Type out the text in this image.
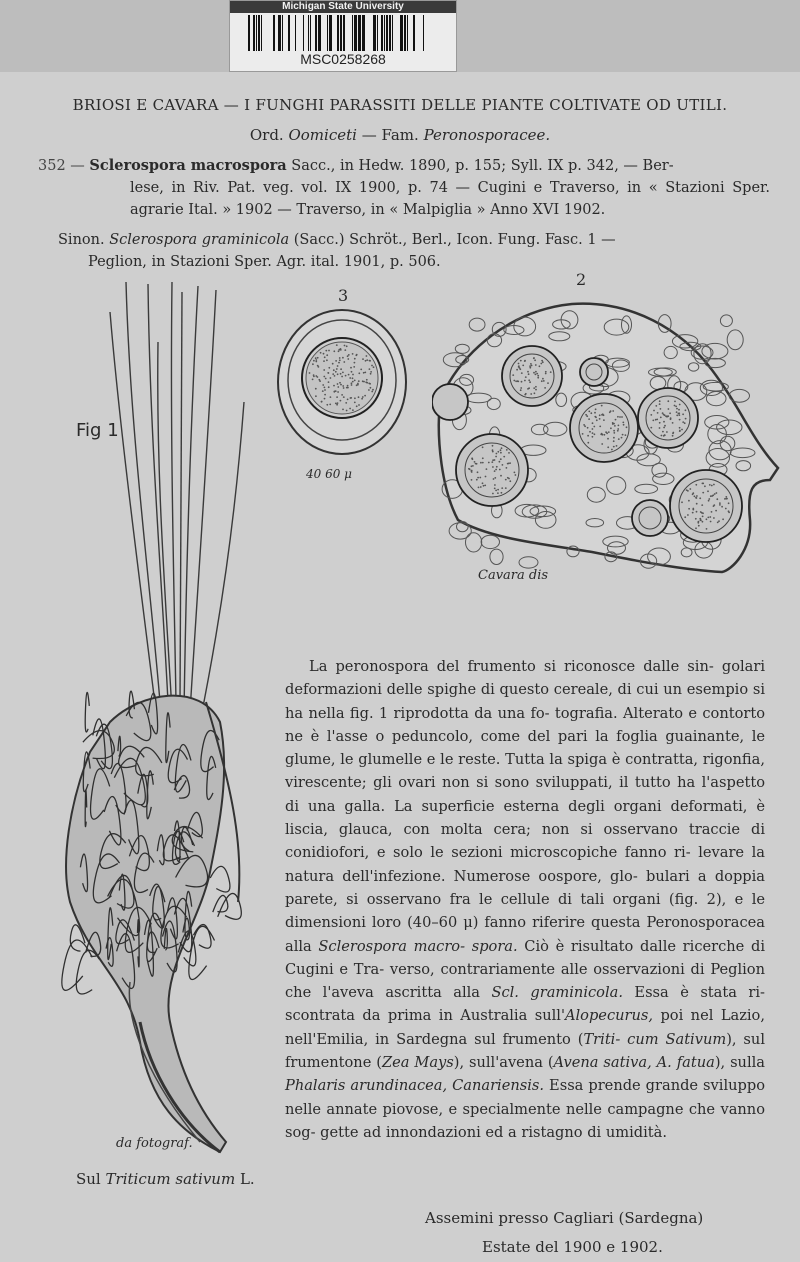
Michigan State University
MSC0258268

BRIOSI E CAVARA — I FUNGHI PARASSITI DELLE PIANTE COLTIVATE OD UTILI.

Ord. Oomiceti — Fam. Peronosporacee.

352 — Sclerospora macrospora Sacc., in Hedw. 1890, p. 155; Syll. IX p. 342, — Ber-
lese, in Riv. Pat. veg. vol. IX 1900, p. 74 — Cugini e Traverso, in « Stazioni Sper. agrarie Ital. » 1902 — Traverso, in « Malpiglia » Anno XVI 1902.

Sinon. Sclerospora graminicola (Sacc.) Schröt., Berl., Icon. Fung. Fasc. 1 —
Peglion, in Stazioni Sper. Agr. ital. 1901, p. 506.

Fig 1
3
2
40 60 μ
Cavara dis
da fotograf.

La peronospora del frumento si riconosce dalle sin- golari deformazioni delle spighe di questo cereale, di cui un esempio si ha nella fig. 1 riprodotta da una fo- tografia. Alterato e contorto ne è l'asse o peduncolo, come del pari la foglia guainante, le glume, le glumelle e le reste. Tutta la spiga è contratta, rigonfia, virescente; gli ovari non si sono sviluppati, il tutto ha l'aspetto di una galla. La superficie esterna degli organi deformati, è liscia, glauca, con molta cera; non si osservano traccie di conidiofori, e solo le sezioni microscopiche fanno ri- levare la natura dell'infezione. Numerose oospore, glo- bulari a doppia parete, si osservano fra le cellule di tali organi (fig. 2), e le dimensioni loro (40–60 μ) fanno riferire questa Peronosporacea alla Sclerospora macro- spora. Ciò è risultato dalle ricerche di Cugini e Tra- verso, contrariamente alle osservazioni di Peglion che l'aveva ascritta alla Scl. graminicola. Essa è stata ri- scontrata da prima in Australia sull'Alopecurus, poi nel Lazio, nell'Emilia, in Sardegna sul frumento (Triti- cum Sativum), sul frumentone (Zea Mays), sull'avena (Avena sativa, A. fatua), sulla Phalaris arundinacea, Canariensis. Essa prende grande sviluppo nelle annate piovose, e specialmente nelle campagne che vanno sog- gette ad innondazioni ed a ristagno di umidità.

Sul Triticum sativum L.

Assemini presso Cagliari (Sardegna)

Estate del 1900 e 1902.
